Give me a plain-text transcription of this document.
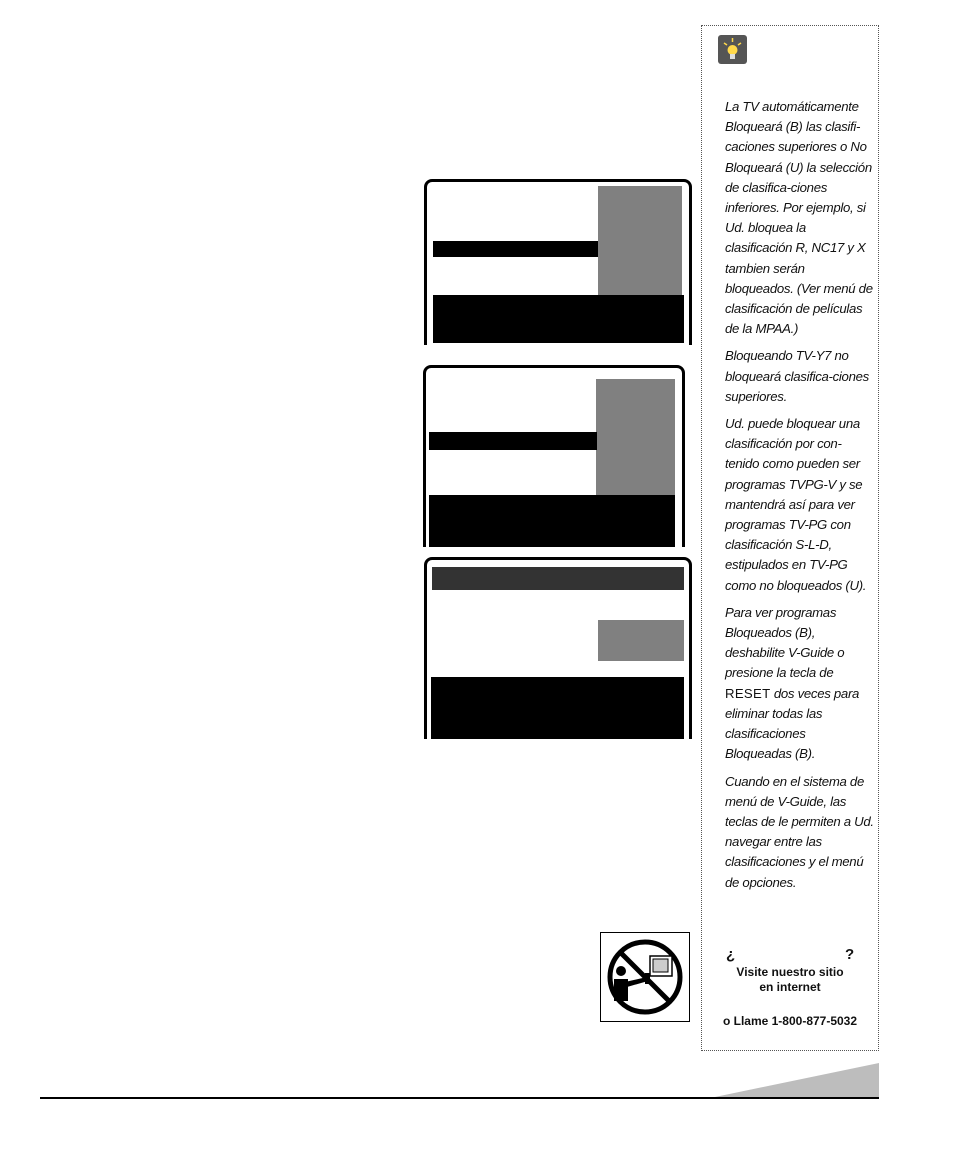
La TV automáticamente Bloqueará (B) las clasifi-caciones superiores o No Bloqueará (U) la selección de clasifica-ciones inferiores. Por ejemplo, si Ud. bloquea la clasificación R, NC17 y X tambien serán bloqueados. (Ver menú de clasificación de películas de la MPAA.)

Bloqueando TV-Y7 no bloqueará clasifica-ciones superiores.

Ud. puede bloquear una clasificación por con-tenido como pueden ser programas TVPG-V y se mantendrá así para ver programas TV-PG con clasificación S-L-D, estipulados en TV-PG como no bloqueados (U).

Para ver programas Bloqueados (B), deshabilite V-Guide o presione la tecla de RESET dos veces para eliminar todas las clasificaciones Bloqueadas (B).

Cuando en el sistema de menú de V-Guide, las teclas de le permiten a Ud. navegar entre las clasificaciones y el menú de opciones.

¿	?
Visite nuestro sitio
en internet
o Llame 1-800-877-5032
